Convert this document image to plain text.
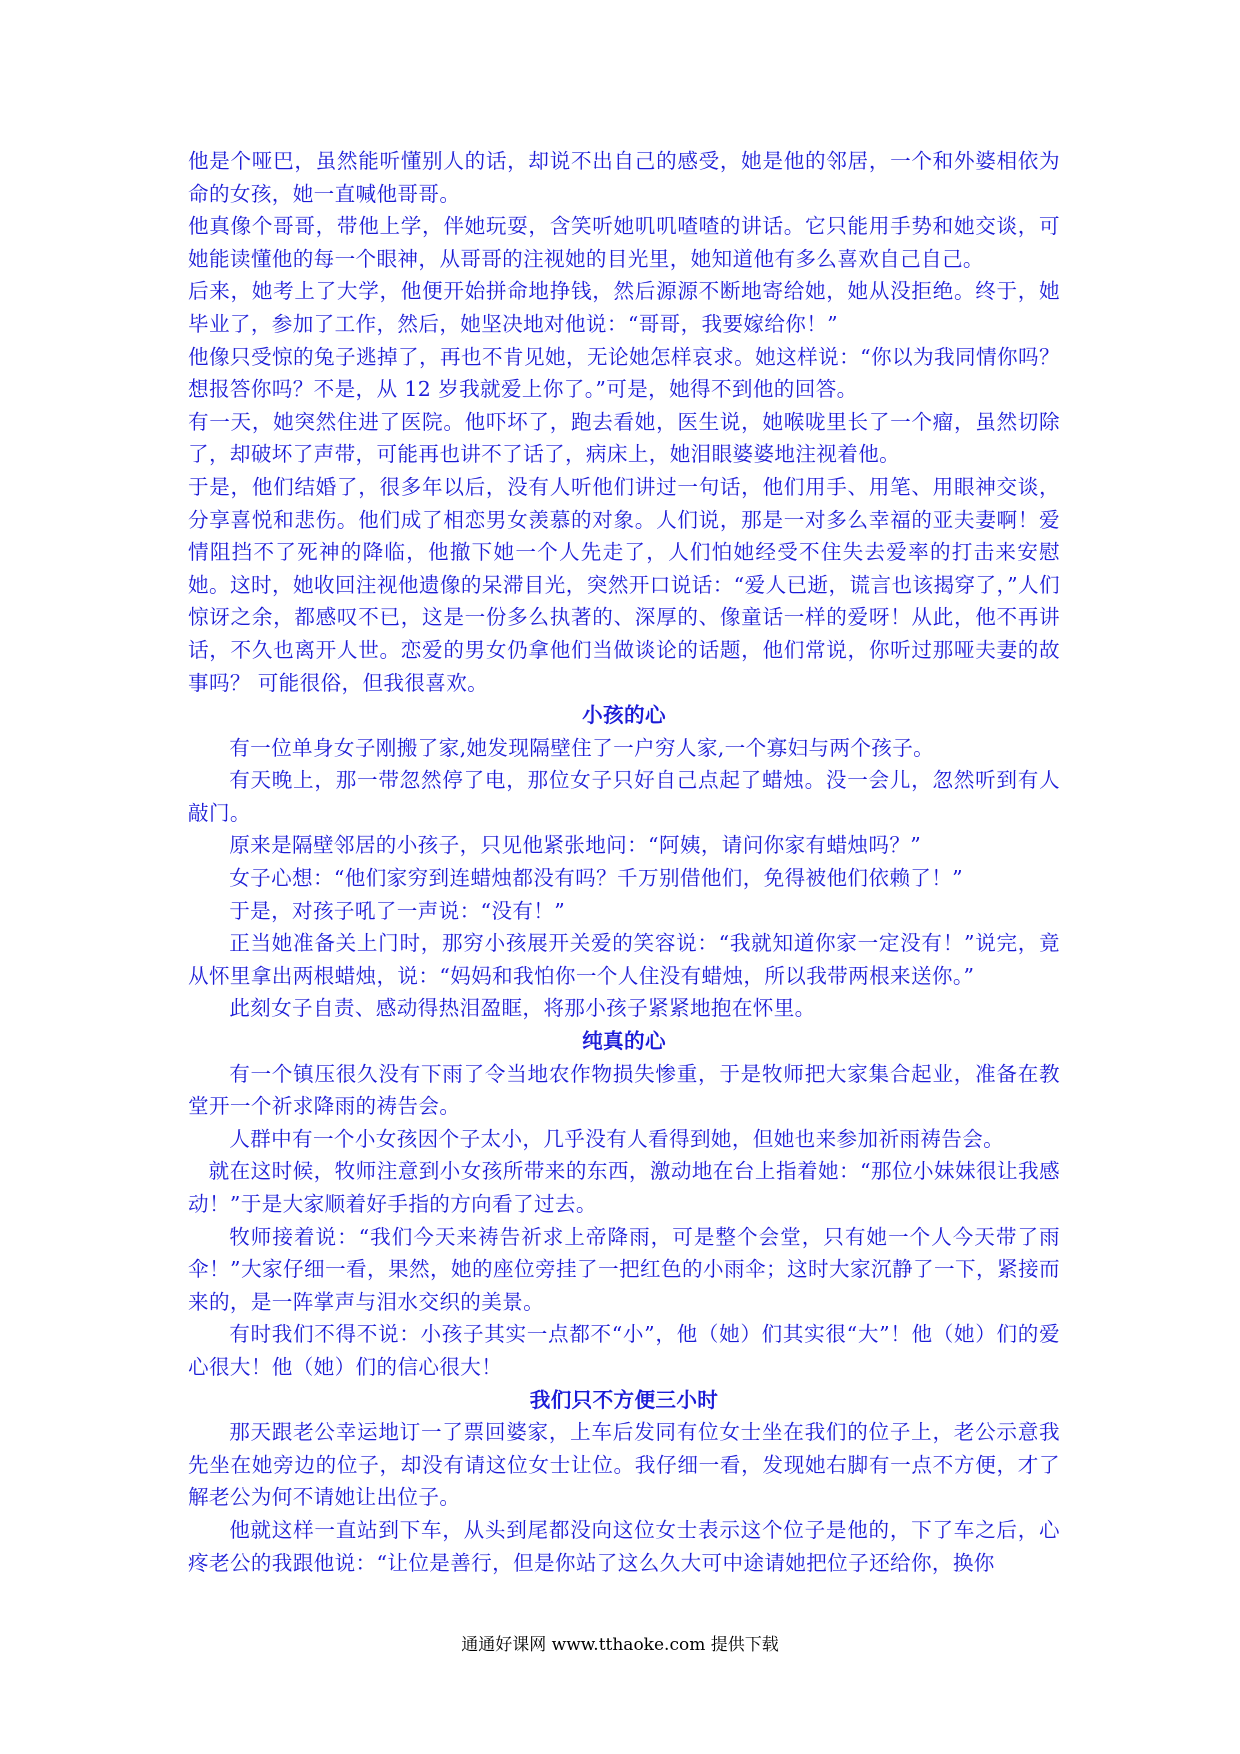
他是个哑巴，虽然能听懂别人的话，却说不出自己的感受，她是他的邻居，一个和外婆相依为命的女孩，她一直喊他哥哥。

他真像个哥哥，带他上学，伴她玩耍，含笑听她叽叽喳喳的讲话。它只能用手势和她交谈，可她能读懂他的每一个眼神，从哥哥的注视她的目光里，她知道他有多么喜欢自己自己。

后来，她考上了大学，他便开始拼命地挣钱，然后源源不断地寄给她，她从没拒绝。终于，她毕业了，参加了工作，然后，她坚决地对他说：“哥哥，我要嫁给你！”

他像只受惊的兔子逃掉了，再也不肯见她，无论她怎样哀求。她这样说：“你以为我同情你吗？想报答你吗？不是，从 12 岁我就爱上你了。”可是，她得不到他的回答。

有一天，她突然住进了医院。他吓坏了，跑去看她，医生说，她喉咙里长了一个瘤，虽然切除了，却破坏了声带，可能再也讲不了话了，病床上，她泪眼婆婆地注视着他。

于是，他们结婚了，很多年以后，没有人听他们讲过一句话，他们用手、用笔、用眼神交谈，分享喜悦和悲伤。他们成了相恋男女羡慕的对象。人们说，那是一对多么幸福的亚夫妻啊！爱情阻挡不了死神的降临，他撤下她一个人先走了，人们怕她经受不住失去爱率的打击来安慰她。这时，她收回注视他遗像的呆滞目光，突然开口说话：“爱人已逝，谎言也该揭穿了，”人们惊讶之余，都感叹不已，这是一份多么执著的、深厚的、像童话一样的爱呀！从此，他不再讲话，不久也离开人世。恋爱的男女仍拿他们当做谈论的话题，他们常说，你听过那哑夫妻的故事吗？ 可能很俗，但我很喜欢。

小孩的心

有一位单身女子刚搬了家,她发现隔壁住了一户穷人家,一个寡妇与两个孩子。

有天晚上，那一带忽然停了电，那位女子只好自己点起了蜡烛。没一会儿，忽然听到有人敲门。

原来是隔壁邻居的小孩子，只见他紧张地问：“阿姨，请问你家有蜡烛吗？”

女子心想：“他们家穷到连蜡烛都没有吗？千万别借他们，免得被他们依赖了！”

于是，对孩子吼了一声说：“没有！”

正当她准备关上门时，那穷小孩展开关爱的笑容说：“我就知道你家一定没有！”说完，竟从怀里拿出两根蜡烛，说：“妈妈和我怕你一个人住没有蜡烛，所以我带两根来送你。”

此刻女子自责、感动得热泪盈眶，将那小孩子紧紧地抱在怀里。

纯真的心

有一个镇压很久没有下雨了令当地农作物损失惨重，于是牧师把大家集合起业，准备在教堂开一个祈求降雨的祷告会。

人群中有一个小女孩因个子太小，几乎没有人看得到她，但她也来参加祈雨祷告会。

就在这时候，牧师注意到小女孩所带来的东西，激动地在台上指着她：“那位小妹妹很让我感动！”于是大家顺着好手指的方向看了过去。

牧师接着说：“我们今天来祷告祈求上帝降雨，可是整个会堂，只有她一个人今天带了雨伞！”大家仔细一看，果然，她的座位旁挂了一把红色的小雨伞；这时大家沉静了一下，紧接而来的，是一阵掌声与泪水交织的美景。

有时我们不得不说：小孩子其实一点都不“小”，他（她）们其实很“大”！他（她）们的爱心很大！他（她）们的信心很大！

我们只不方便三小时

那天跟老公幸运地订一了票回婆家，上车后发同有位女士坐在我们的位子上，老公示意我先坐在她旁边的位子，却没有请这位女士让位。我仔细一看，发现她右脚有一点不方便，才了解老公为何不请她让出位子。

他就这样一直站到下车，从头到尾都没向这位女士表示这个位子是他的，下了车之后，心疼老公的我跟他说：“让位是善行，但是你站了这么久大可中途请她把位子还给你，换你

通通好课网 www.tthaoke.com 提供下载
